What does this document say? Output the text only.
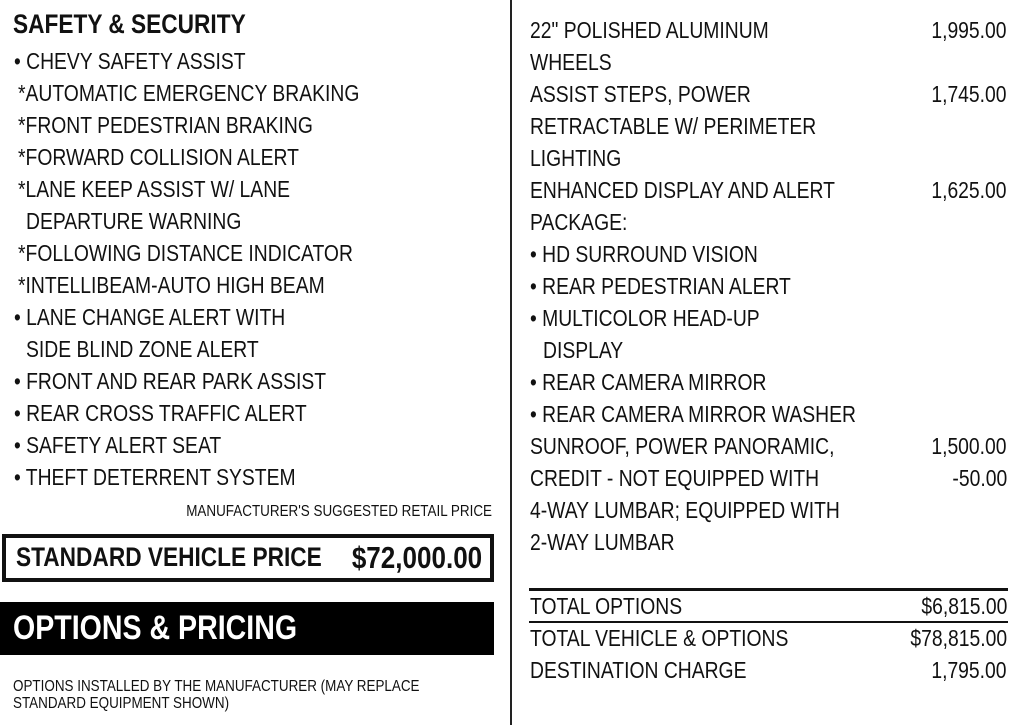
SAFETY & SECURITY
• CHEVY SAFETY ASSIST
*AUTOMATIC EMERGENCY BRAKING
*FRONT PEDESTRIAN BRAKING
*FORWARD COLLISION ALERT
*LANE KEEP ASSIST W/ LANE
DEPARTURE WARNING
*FOLLOWING DISTANCE INDICATOR
*INTELLIBEAM-AUTO HIGH BEAM
• LANE CHANGE ALERT WITH
SIDE BLIND ZONE ALERT
• FRONT AND REAR PARK ASSIST
• REAR CROSS TRAFFIC ALERT
• SAFETY ALERT SEAT
• THEFT DETERRENT SYSTEM
MANUFACTURER'S SUGGESTED RETAIL PRICE
STANDARD VEHICLE PRICE $72,000.00
OPTIONS & PRICING
OPTIONS INSTALLED BY THE MANUFACTURER (MAY REPLACE
STANDARD EQUIPMENT SHOWN)
22" POLISHED ALUMINUM	1,995.00
WHEELS
ASSIST STEPS, POWER	1,745.00
RETRACTABLE W/ PERIMETER
LIGHTING
ENHANCED DISPLAY AND ALERT	1,625.00
PACKAGE:
• HD SURROUND VISION
• REAR PEDESTRIAN ALERT
• MULTICOLOR HEAD-UP
DISPLAY
• REAR CAMERA MIRROR
• REAR CAMERA MIRROR WASHER
SUNROOF, POWER PANORAMIC,	1,500.00
CREDIT - NOT EQUIPPED WITH	-50.00
4-WAY LUMBAR; EQUIPPED WITH
2-WAY LUMBAR
TOTAL OPTIONS	$6,815.00
TOTAL VEHICLE & OPTIONS	$78,815.00
DESTINATION CHARGE	1,795.00
